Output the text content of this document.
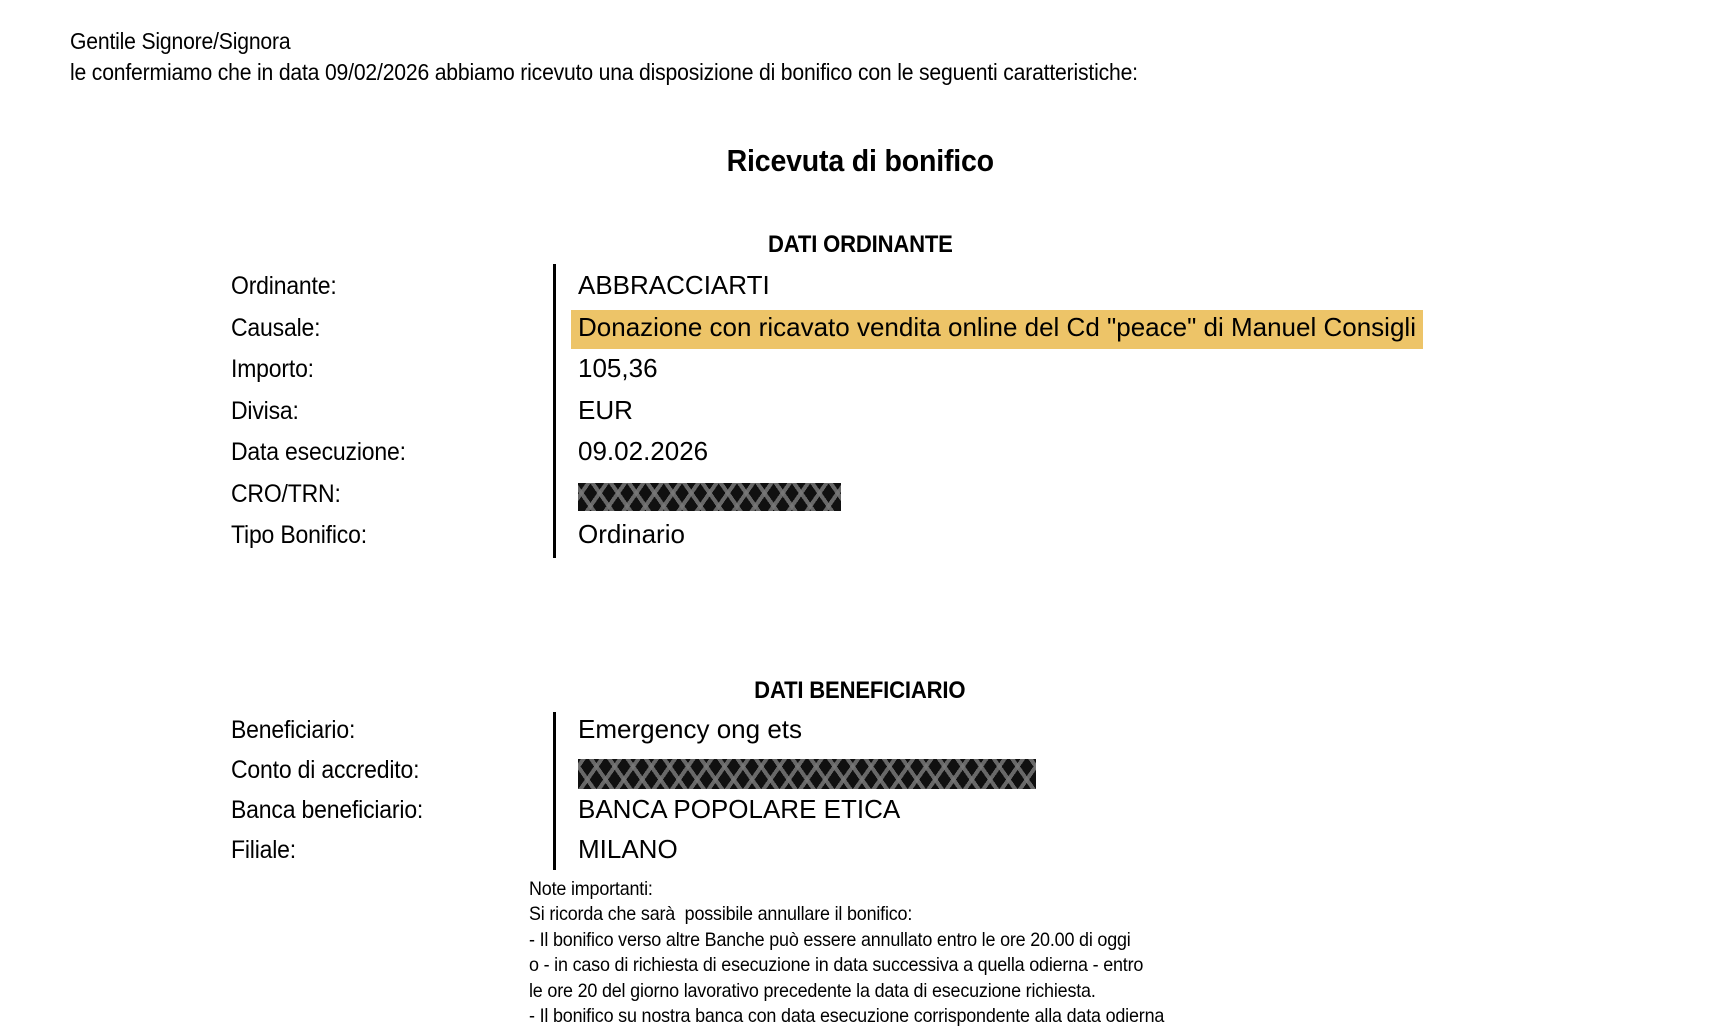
Gentile Signore/Signora
le confermiamo che in data 09/02/2026 abbiamo ricevuto una disposizione di bonifico con le seguenti caratteristiche:
Ricevuta di bonifico
DATI ORDINANTE
Ordinante:	ABBRACCIARTI
Causale:	Donazione con ricavato vendita online del Cd "peace" di Manuel Consigli
Importo:	105,36
Divisa:	EUR
Data esecuzione:	09.02.2026
CRO/TRN:
Tipo Bonifico:	Ordinario
DATI BENEFICIARIO
Beneficiario:	Emergency ong ets
Conto di accredito:
Banca beneficiario:	BANCA POPOLARE ETICA
Filiale:	MILANO
Note importanti:
Si ricorda che sarà  possibile annullare il bonifico:
- Il bonifico verso altre Banche può essere annullato entro le ore 20.00 di oggi
o - in caso di richiesta di esecuzione in data successiva a quella odierna - entro
le ore 20 del giorno lavorativo precedente la data di esecuzione richiesta.
- Il bonifico su nostra banca con data esecuzione corrispondente alla data odierna
